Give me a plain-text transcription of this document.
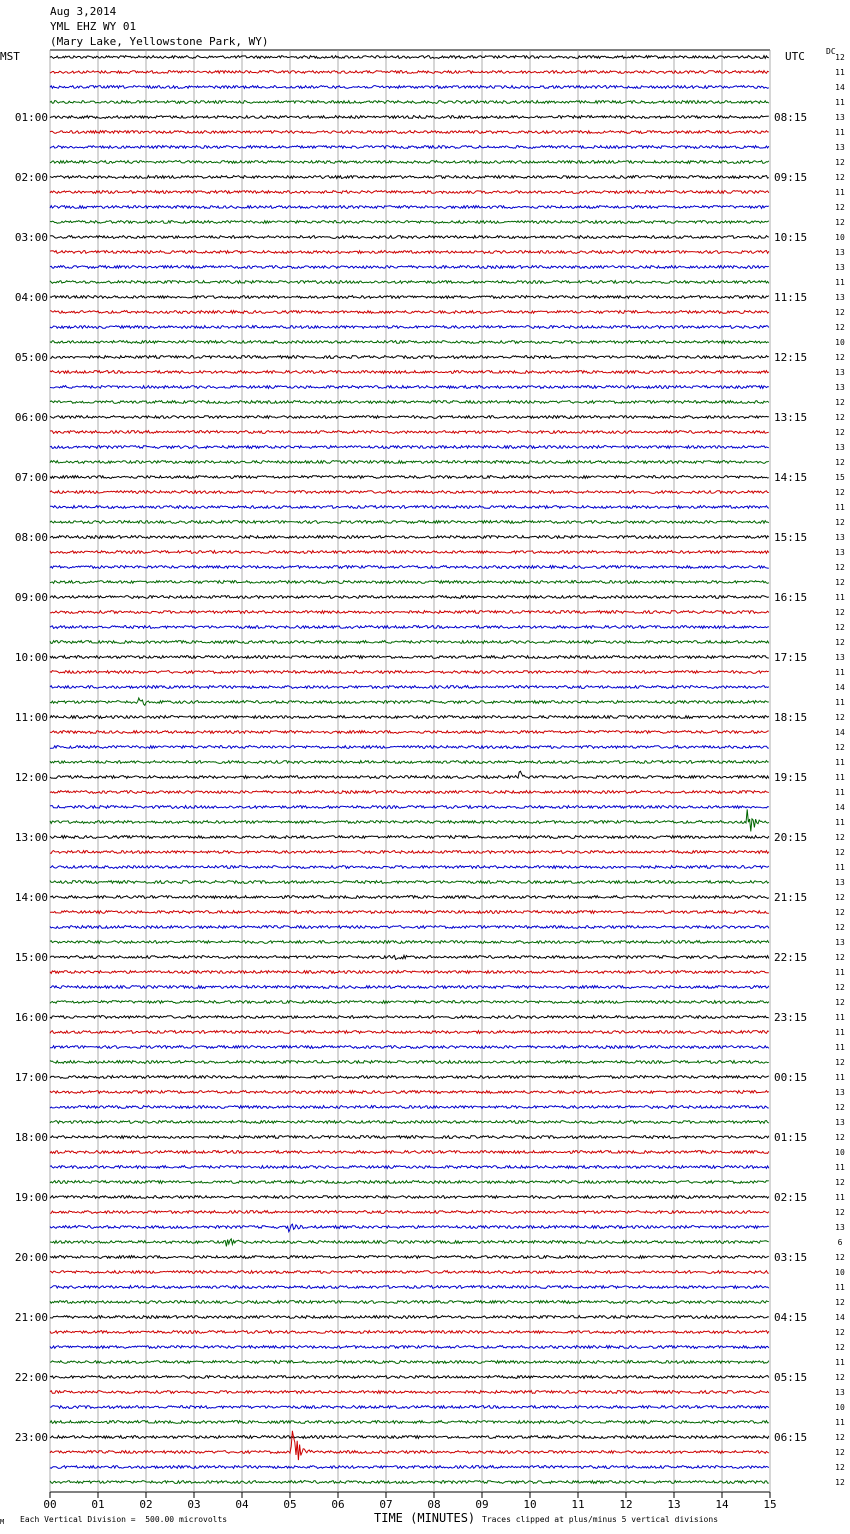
Aug 3,2014
YML EHZ WY 01
(Mary Lake, Yellowstone Park, WY)
MST	UTC	DC
00	01	02	03	04	05	06	07	08	09	10	11	12	13	14	15
12
11
14
11
13
11
13
12
12
11
12
12
10
13
13
11
13
12
12
10
12
13
13
12
12
12
13
12
15
12
11
12
13
13
12
12
11
12
12
12
13
11
14
11
12
14
12
11
11
11
14
11
12
12
11
13
12
12
12
13
12
11
12
12
11
11
11
12
11
13
12
13
12
10
11
12
11
12
13
6
12
10
11
12
14
12
12
11
12
13
10
11
12
12
12
12
01:00	08:15
02:00	09:15
03:00	10:15
04:00	11:15
05:00	12:15
06:00	13:15
07:00	14:15
08:00	15:15
09:00	16:15
10:00	17:15
11:00	18:15
12:00	19:15
13:00	20:15
14:00	21:15
15:00	22:15
16:00	23:15
17:00	00:15
18:00	01:15
19:00	02:15
20:00	03:15
21:00	04:15
22:00	05:15
23:00	06:15
M Each Vertical Division =  500.00 microvolts	TIME (MINUTES) Traces clipped at plus/minus 5 vertical divisions
